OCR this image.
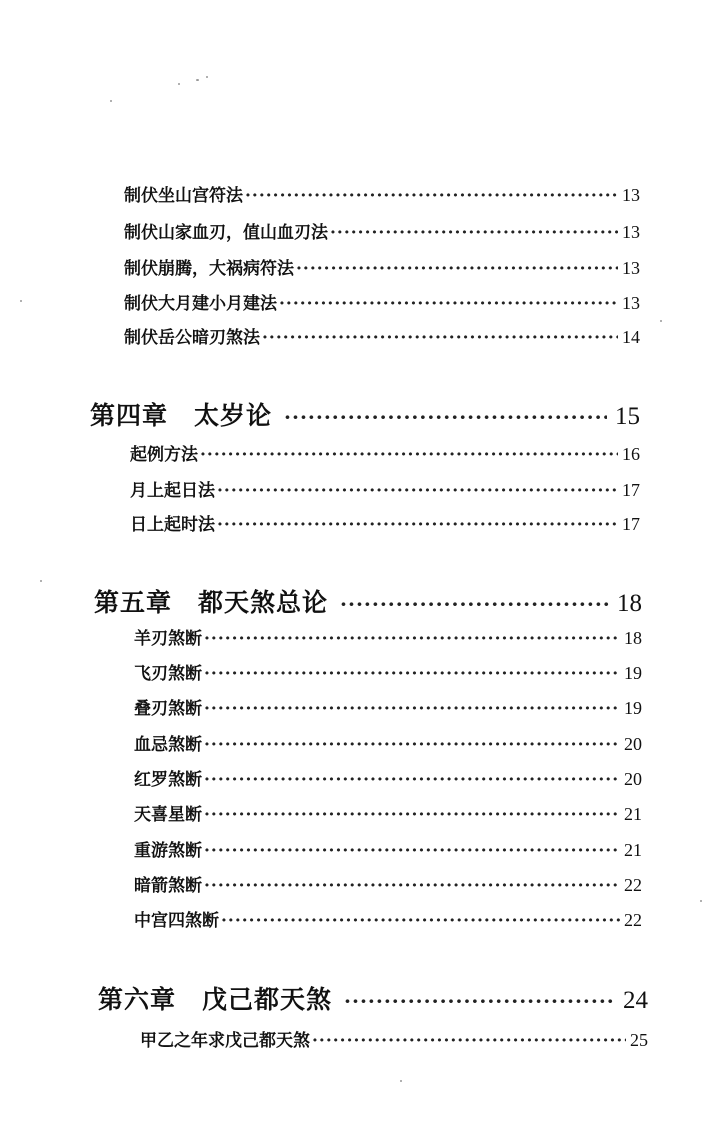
制伏坐山宫符法 ·····	13
制伏山家血刃，值山血刃法 ·····	13
制伏崩腾，大祸病符法 ·····	13
制伏大月建小月建法 ·····	13
制伏岳公暗刃煞法 ·····	14
第四章　太岁论 ·····	15
起例方法 ·····	16
月上起日法 ·····	17
日上起时法 ·····	17
第五章　都天煞总论 ·····	18
羊刃煞断 ·····	18
飞刃煞断 ·····	19
叠刃煞断 ·····	19
血忌煞断 ·····	20
红罗煞断 ·····	20
天喜星断 ·····	21
重游煞断 ·····	21
暗箭煞断 ·····	22
中宫四煞断 ·····	22
第六章　戊己都天煞 ·····	24
甲乙之年求戊己都天煞 ·····	25
